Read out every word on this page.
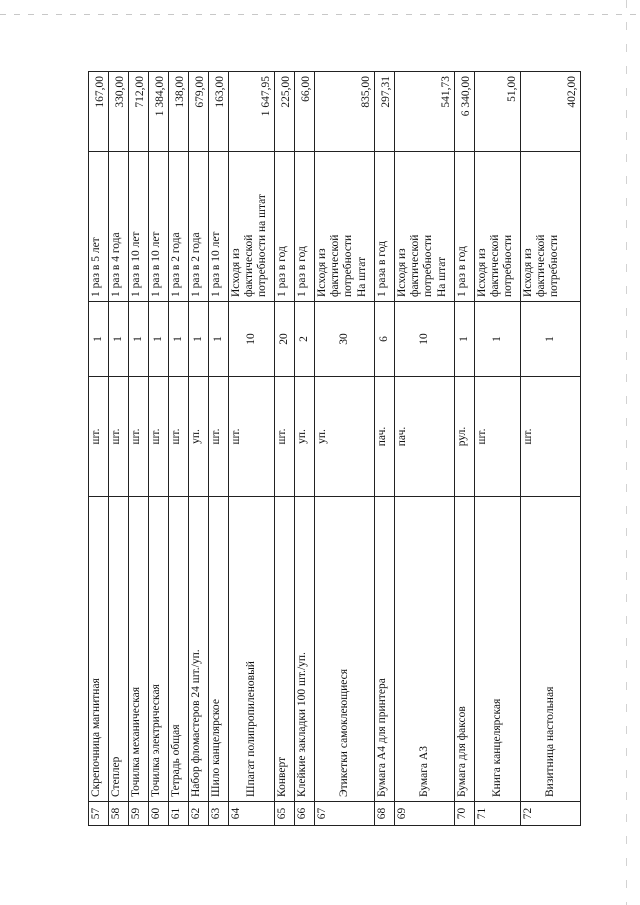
57	Скрепочница магнитная	шт.	1	1 раз в 5 лет	167,00
58	Степлер	шт.	1	1 раз в 4 года	330,00
59	Точилка механическая	шт.	1	1 раз в 10 лет	712,00
60	Точилка электрическая	шт.	1	1 раз в 10 лет	1 384,00
61	Тетрадь общая	шт.	1	1 раз в 2 года	138,00
62	Набор фломастеров 24 шт./уп.	уп.	1	1 раз в 2 года	679,00
63	Шило канцелярское	шт.	1	1 раз в 10 лет	163,00
64	Шпагат полипропиленовый	шт.	10	Исходя из фактической потребности на штат	1 647,95
65	Конверт	шт.	20	1 раз в год	225,00
66	Клейкие закладки 100 шт./уп.	уп.	2	1 раз в год	66,00
67	Этикетки самоклеющиеся	уп.	30	Исходя из фактической потребности На штат	835,00
68	Бумага А4 для принтера	пач.	6	1 раза в год	297,31
69	Бумага А3	пач.	10	Исходя из фактической потребности На штат	541,73
70	Бумага для факсов	рул.	1	1 раз в год	6 340,00
71	Книга канцелярская	шт.	1	Исходя из фактической потребности	51,00
72	Визитница настольная	шт.	1	Исходя из фактической потребности	402,00
